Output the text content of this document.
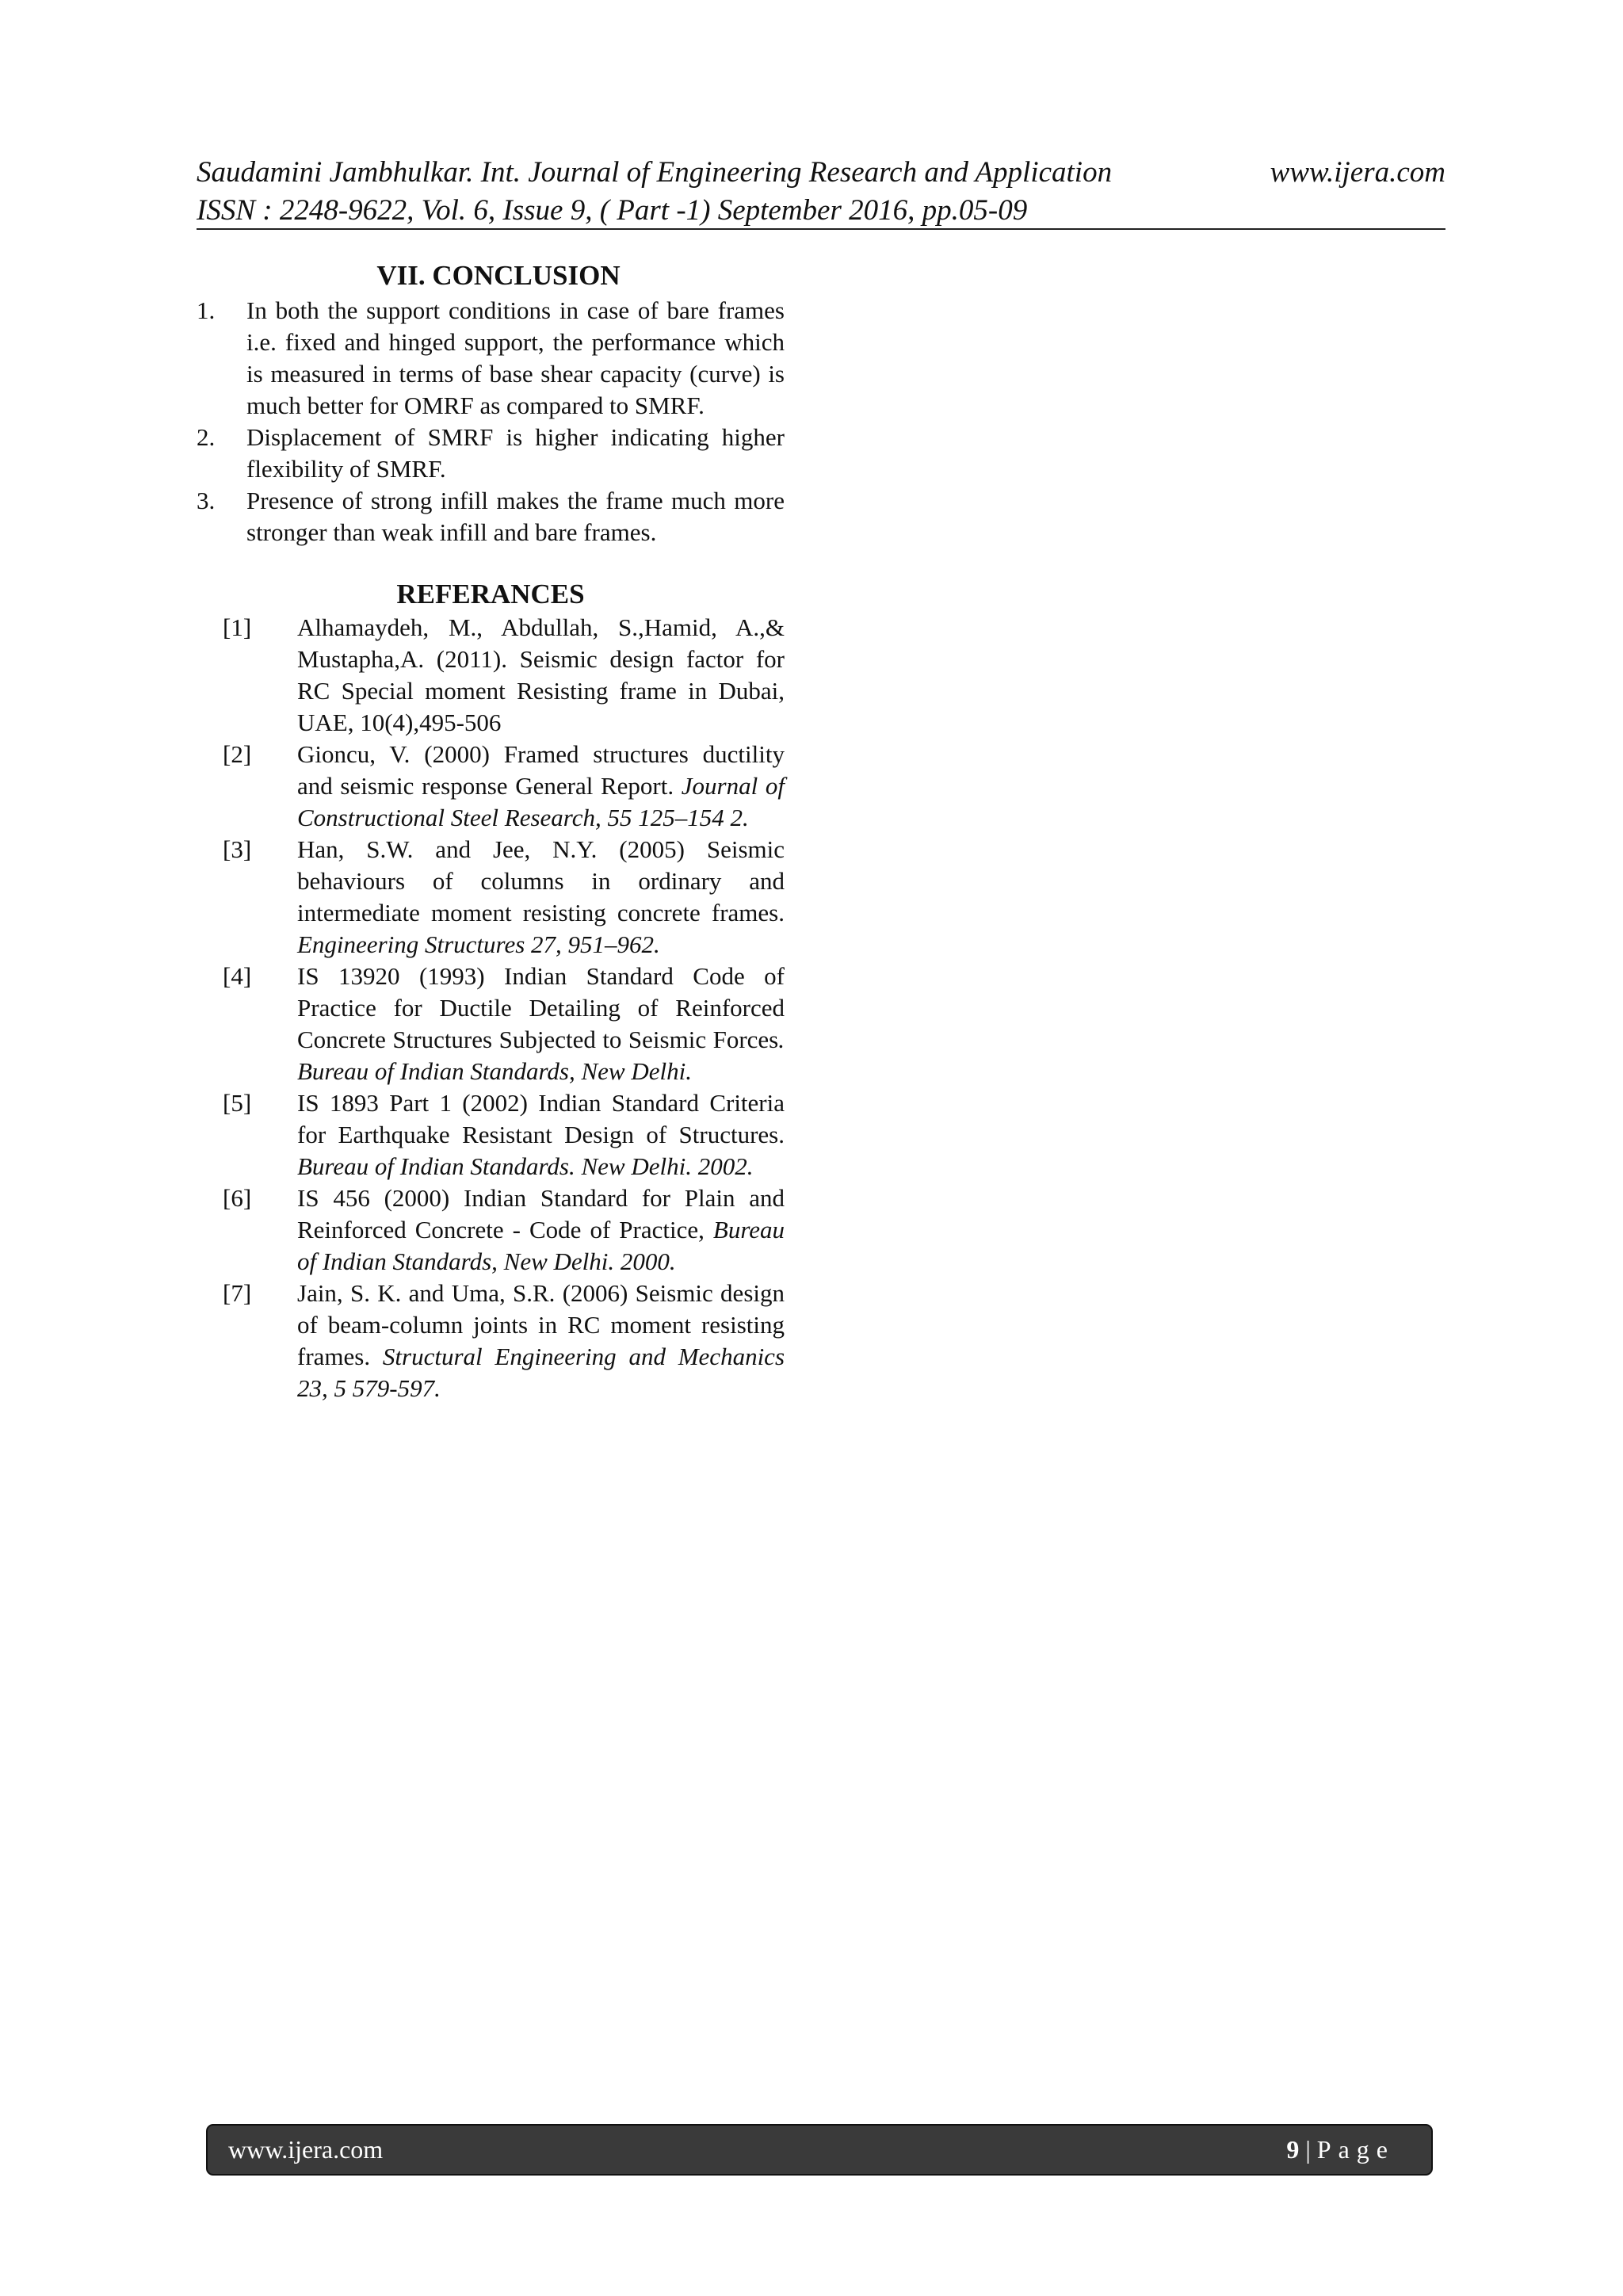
Saudamini Jambhulkar. Int. Journal of Engineering Research and Application	www.ijera.com
ISSN : 2248-9622, Vol. 6, Issue 9, ( Part -1) September 2016, pp.05-09
VII. CONCLUSION
1. In both the support conditions in case of bare frames i.e. fixed and hinged support, the performance which is measured in terms of base shear capacity (curve) is much better for OMRF as compared to SMRF.
2. Displacement of SMRF is higher indicating higher flexibility of SMRF.
3. Presence of strong infill makes the frame much more stronger than weak infill and bare frames.
REFERANCES
[1] Alhamaydeh, M., Abdullah, S.,Hamid, A.,& Mustapha,A. (2011). Seismic design factor for RC Special moment Resisting frame in Dubai, UAE, 10(4),495-506
[2] Gioncu, V. (2000) Framed structures ductility and seismic response General Report. Journal of Constructional Steel Research, 55 125–154 2.
[3] Han, S.W. and Jee, N.Y. (2005) Seismic behaviours of columns in ordinary and intermediate moment resisting concrete frames. Engineering Structures 27, 951–962.
[4] IS 13920 (1993) Indian Standard Code of Practice for Ductile Detailing of Reinforced Concrete Structures Subjected to Seismic Forces. Bureau of Indian Standards, New Delhi.
[5] IS 1893 Part 1 (2002) Indian Standard Criteria for Earthquake Resistant Design of Structures. Bureau of Indian Standards. New Delhi. 2002.
[6] IS 456 (2000) Indian Standard for Plain and Reinforced Concrete - Code of Practice, Bureau of Indian Standards, New Delhi. 2000.
[7] Jain, S. K. and Uma, S.R. (2006) Seismic design of beam-column joints in RC moment resisting frames. Structural Engineering and Mechanics 23, 5 579-597.
www.ijera.com	9 | Page
